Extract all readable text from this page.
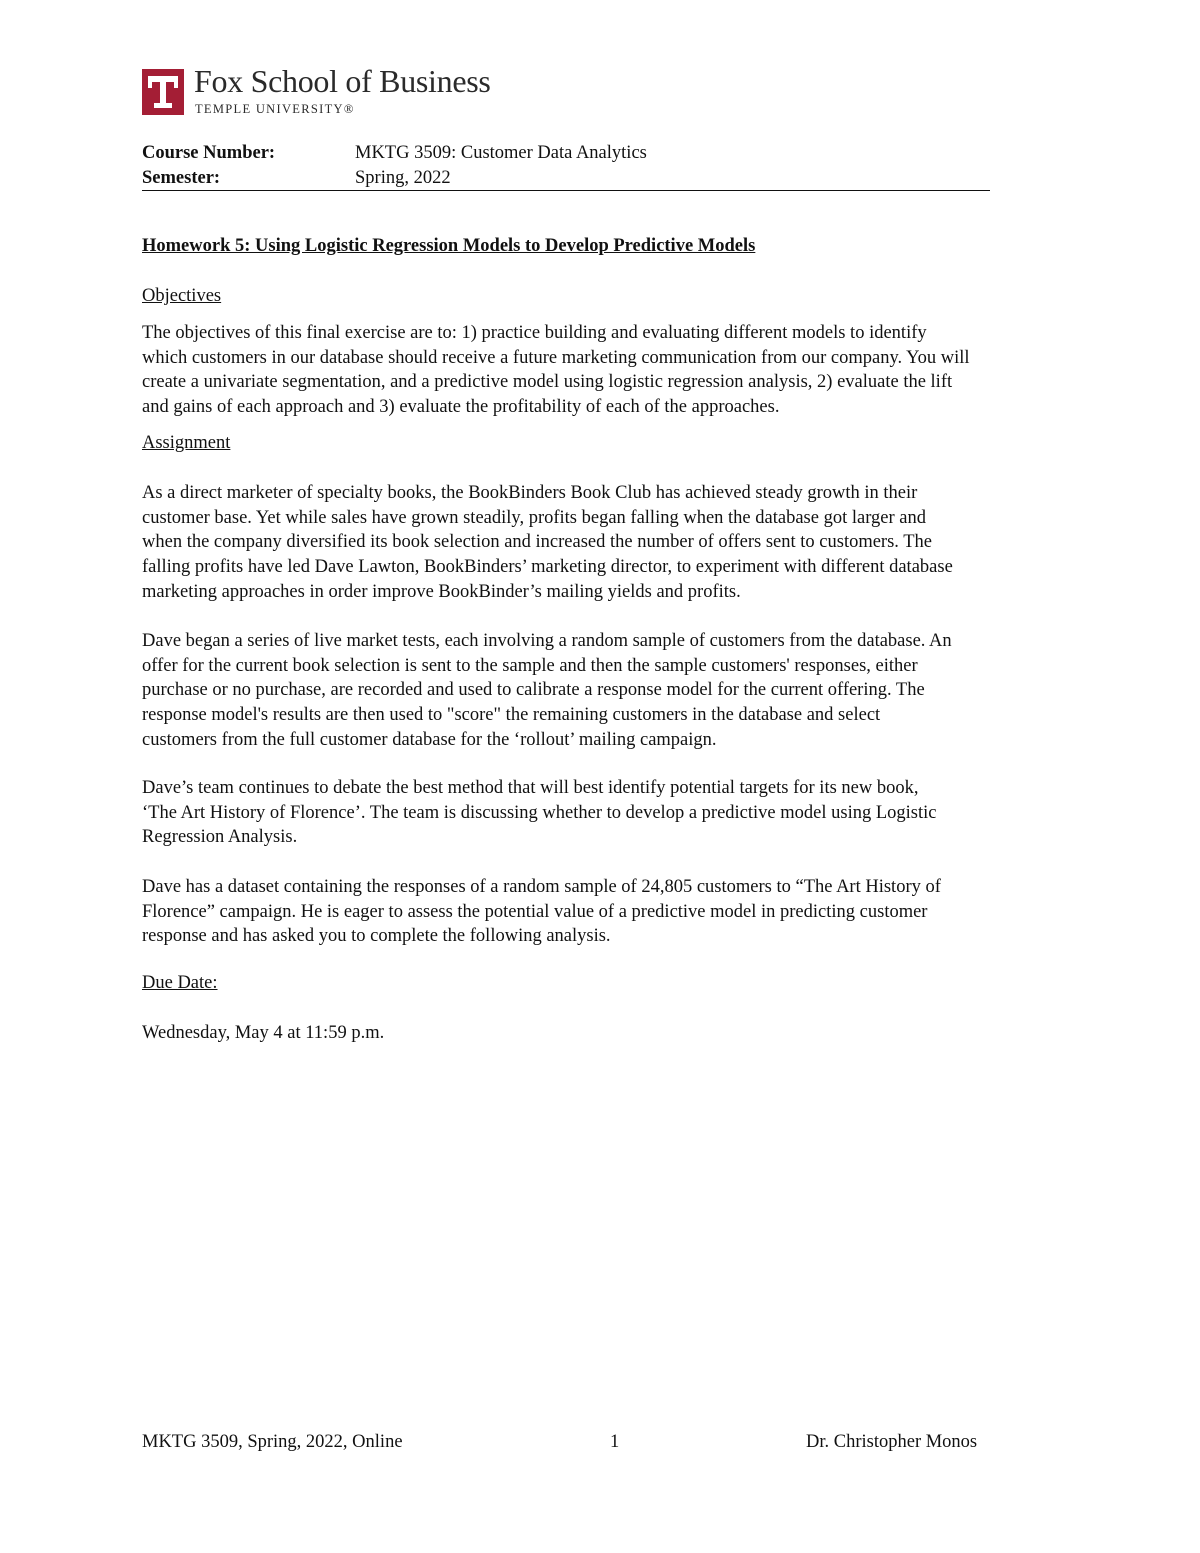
Fox School of Business
TEMPLE UNIVERSITY®
Course Number:	MKTG 3509: Customer Data Analytics
Semester:	Spring, 2022
Homework 5: Using Logistic Regression Models to Develop Predictive Models
Objectives
The objectives of this final exercise are to: 1) practice building and evaluating different models to identify
which customers in our database should receive a future marketing communication from our company. You will
create a univariate segmentation, and a predictive model using logistic regression analysis, 2) evaluate the lift
and gains of each approach and 3) evaluate the profitability of each of the approaches.
Assignment
As a direct marketer of specialty books, the BookBinders Book Club has achieved steady growth in their
customer base. Yet while sales have grown steadily, profits began falling when the database got larger and
when the company diversified its book selection and increased the number of offers sent to customers. The
falling profits have led Dave Lawton, BookBinders’ marketing director, to experiment with different database
marketing approaches in order improve BookBinder’s mailing yields and profits.
Dave began a series of live market tests, each involving a random sample of customers from the database. An
offer for the current book selection is sent to the sample and then the sample customers' responses, either
purchase or no purchase, are recorded and used to calibrate a response model for the current offering. The
response model's results are then used to "score" the remaining customers in the database and select
customers from the full customer database for the ‘rollout’ mailing campaign.
Dave’s team continues to debate the best method that will best identify potential targets for its new book,
‘The Art History of Florence’. The team is discussing whether to develop a predictive model using Logistic
Regression Analysis.
Dave has a dataset containing the responses of a random sample of 24,805 customers to “The Art History of
Florence” campaign. He is eager to assess the potential value of a predictive model in predicting customer
response and has asked you to complete the following analysis.
Due Date:
Wednesday, May 4 at 11:59 p.m.
MKTG 3509, Spring, 2022, Online	1	Dr. Christopher Monos
